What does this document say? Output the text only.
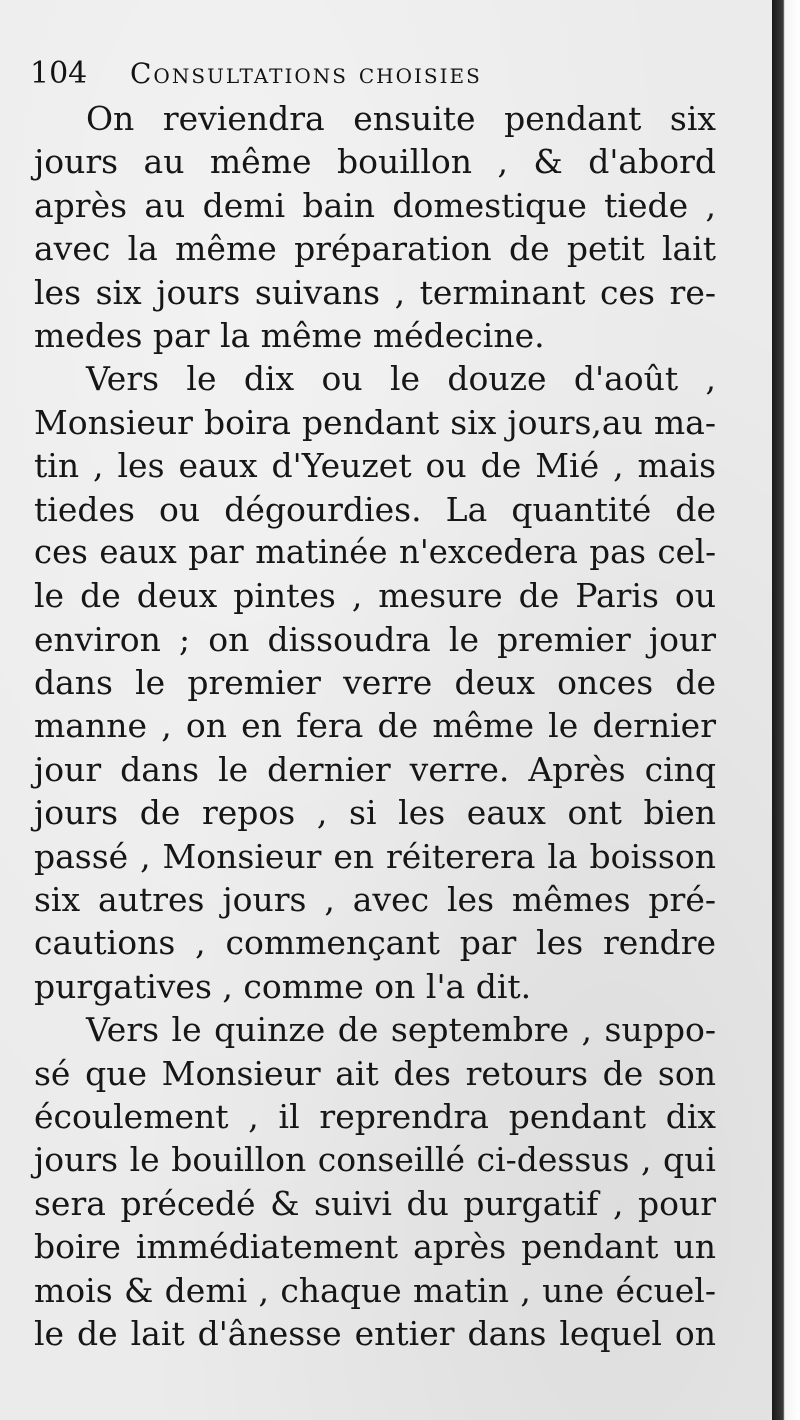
104 Consultations choisies
On reviendra ensuite pendant six
jours au même bouillon , & d'abord
après au demi bain domestique tiede ,
avec la même préparation de petit lait
les six jours suivans , terminant ces re-
medes par la même médecine.
Vers le dix ou le douze d'août ,
Monsieur boira pendant six jours,au ma-
tin , les eaux d'Yeuzet ou de Mié , mais
tiedes ou dégourdies. La quantité de
ces eaux par matinée n'excedera pas cel-
le de deux pintes , mesure de Paris ou
environ ; on dissoudra le premier jour
dans le premier verre deux onces de
manne , on en fera de même le dernier
jour dans le dernier verre. Après cinq
jours de repos , si les eaux ont bien
passé , Monsieur en réiterera la boisson
six autres jours , avec les mêmes pré-
cautions , commençant par les rendre
purgatives , comme on l'a dit.
Vers le quinze de septembre , suppo-
sé que Monsieur ait des retours de son
écoulement , il reprendra pendant dix
jours le bouillon conseillé ci-dessus , qui
sera précedé & suivi du purgatif , pour
boire immédiatement après pendant un
mois & demi , chaque matin , une écuel-
le de lait d'ânesse entier dans lequel on
